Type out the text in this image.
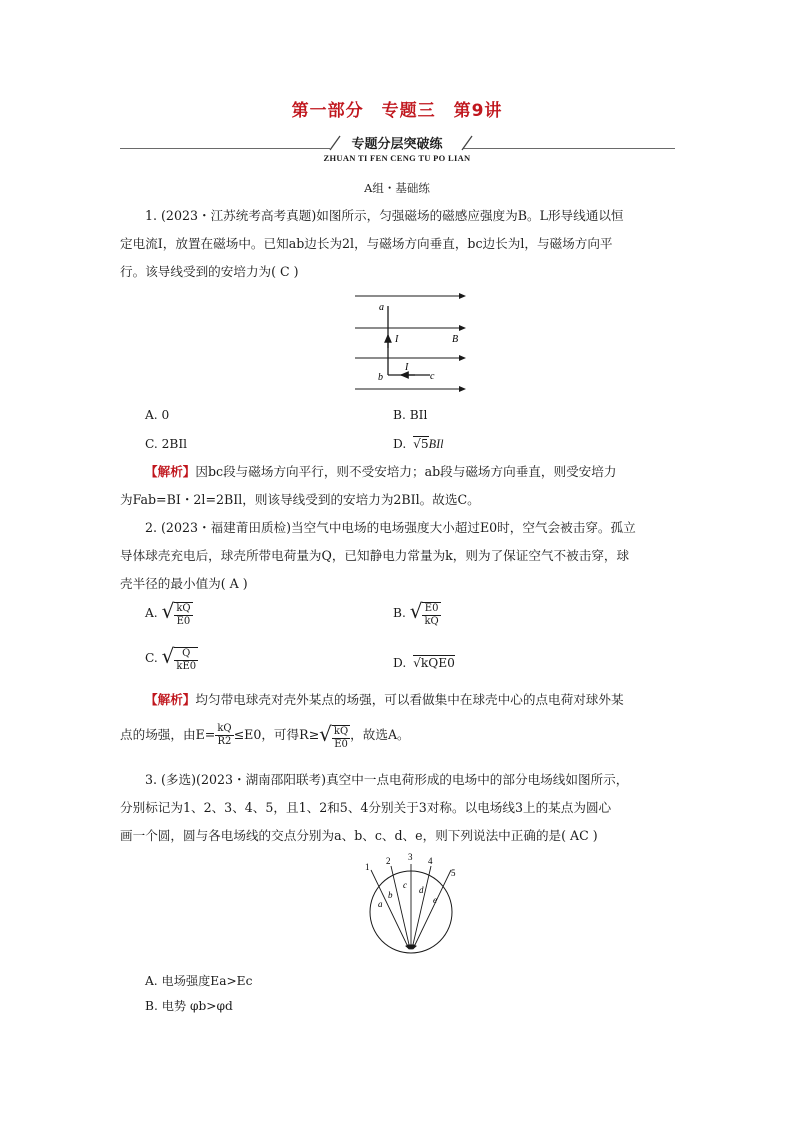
第一部分　专题三　第9讲
专题分层突破练
ZHUAN TI FEN CENG TU PO LIAN
A组・基础练

1. (2023・江苏统考高考真题)如图所示，匀强磁场的磁感应强度为B。L形导线通以恒

定电流I，放置在磁场中。已知ab边长为2l，与磁场方向垂直，bc边长为l，与磁场方向平

行。该导线受到的安培力为( C )

a
I	B
I
b	c
A. 0	B. BIl
C. 2BIl	D. √5BIl

【解析】因bc段与磁场方向平行，则不受安培力；ab段与磁场方向垂直，则受安培力

为Fab=BI・2l=2BIl，则该导线受到的安培力为2BIl。故选C。

2. (2023・福建莆田质检)当空气中电场的电场强度大小超过E0时，空气会被击穿。孤立

导体球壳充电后，球壳所带电荷量为Q，已知静电力常量为k，则为了保证空气不被击穿，球

壳半径的最小值为( A )

A. √ $\frac{kQ}{E0}$	B. √ $\frac{E0}{kQ}$
C. √ $\frac{Q}{kE0}$	D. √kQE0

【解析】均匀带电球壳对壳外某点的场强，可以看做集中在球壳中心的点电荷对球外某

点的场强，由$E= \frac{kQ}{R2} \le E0$，可得$R\ge√ \frac{kQ}{E0}$ ，故选A。

3. (多选)(2023・湖南邵阳联考)真空中一点电荷形成的电场中的部分电场线如图所示，

分别标记为1、2、3、4、5，且1、2和5、4分别关于3对称。以电场线3上的某点为圆心

画一个圆，圆与各电场线的交点分别为a、b、c、d、e，则下列说法中正确的是( AC )

1
2 3 4
5
a
b
c d
e
A. 电场强度Ea>Ec
B. 电势 φb>φd
